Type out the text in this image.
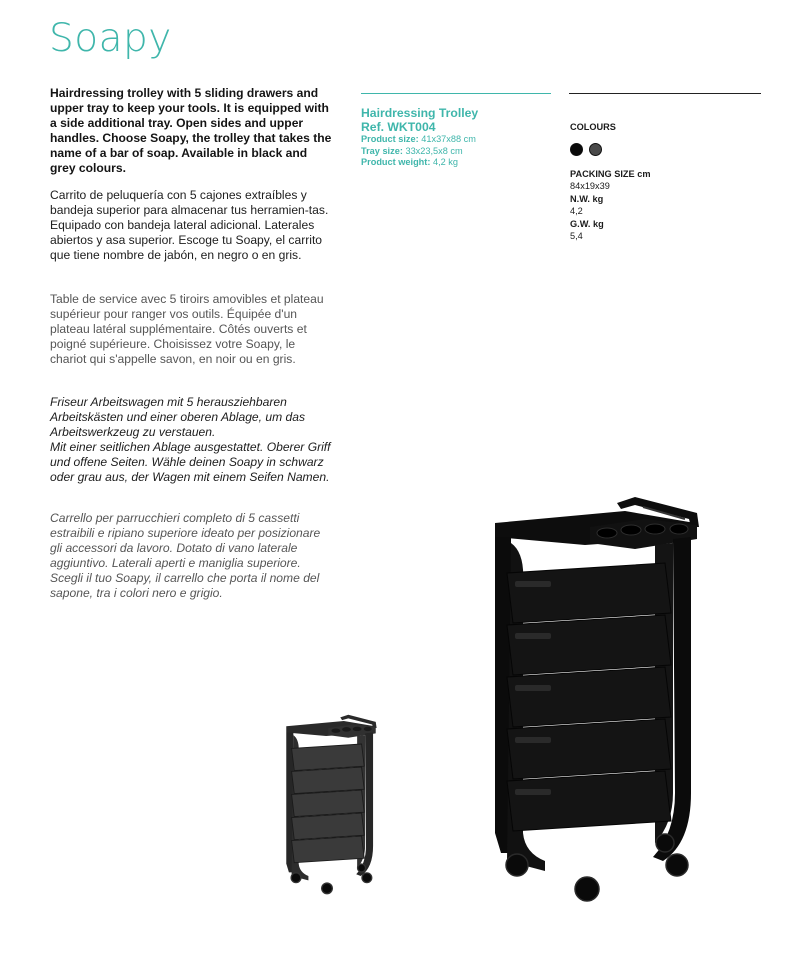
Soapy

Hairdressing trolley with 5 sliding drawers and upper tray to keep your tools. It is equipped with a side additional tray. Open sides and upper handles. Choose Soapy, the trolley that takes the name of a bar of soap. Available in black and grey colours.

Carrito de peluquería con 5 cajones extraíbles y bandeja superior para almacenar tus herramien-tas. Equipado con bandeja lateral adicional. Laterales abiertos y asa superior. Escoge tu Soapy, el carrito que tiene nombre de jabón, en negro o en gris.

Table de service avec 5 tiroirs amovibles et plateau supérieur pour ranger vos outils. Équipée d'un plateau latéral supplémentaire. Côtés ouverts et poigné supérieure. Choisissez votre Soapy, le chariot qui s'appelle savon, en noir ou en gris.

Friseur Arbeitswagen mit 5 herausziehbaren Arbeitskästen und einer oberen Ablage, um das Arbeitswerkzeug zu verstauen.
Mit einer seitlichen Ablage ausgestattet. Oberer Griff und offene Seiten. Wähle deinen Soapy in schwarz oder grau aus, der Wagen mit einem Seifen Namen.

Carrello per parrucchieri completo di 5 cassetti estraibili e ripiano superiore ideato per posizionare gli accessori da lavoro. Dotato di vano laterale aggiuntivo. Laterali aperti e maniglia superiore. Scegli il tuo Soapy, il carrello che porta il nome del sapone, tra i colori nero e grigio.

Hairdressing Trolley
Ref. WKT004
Product size: 41x37x88 cm
Tray size: 33x23,5x8 cm
Product weight: 4,2 kg
COLOURS
PACKING SIZE cm
84x19x39
N.W. kg
4,2
G.W. kg
5,4
